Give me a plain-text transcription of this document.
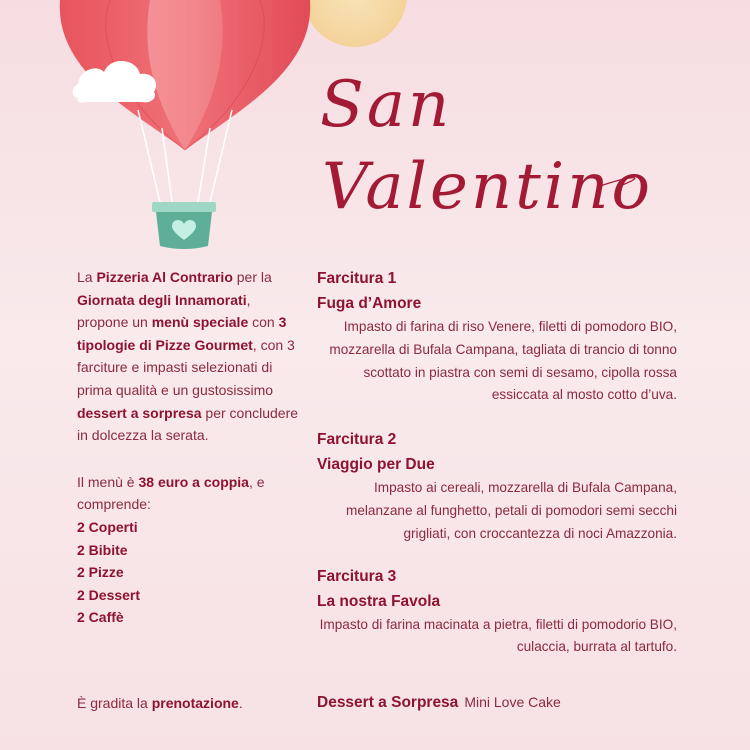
San
Valentino

La Pizzeria Al Contrario per la Giornata degli Innamorati, propone un menù speciale con 3 tipologie di Pizze Gourmet, con 3 farciture e impasti selezionati di prima qualità e un gustosissimo dessert a sorpresa per concludere in dolcezza la serata.

Il menù è 38 euro a coppia, e comprende:

2 Coperti
2 Bibite
2 Pizze
2 Dessert
2 Caffè
È gradita la prenotazione.
Farcitura 1
Fuga d’Amore
Impasto di farina di riso Venere, filetti di pomodoro BIO, mozzarella di Bufala Campana, tagliata di trancio di tonno scottato in piastra con semi di sesamo, cipolla rossa essiccata al mosto cotto d’uva.
Farcitura 2
Viaggio per Due
Impasto ai cereali, mozzarella di Bufala Campana, melanzane al funghetto, petali di pomodori semi secchi grigliati, con croccantezza di noci Amazzonia.
Farcitura 3
La nostra Favola
Impasto di farina macinata a pietra, filetti di pomodorio BIO, culaccia, burrata al tartufo.
Dessert a Sorpresa Mini Love Cake
